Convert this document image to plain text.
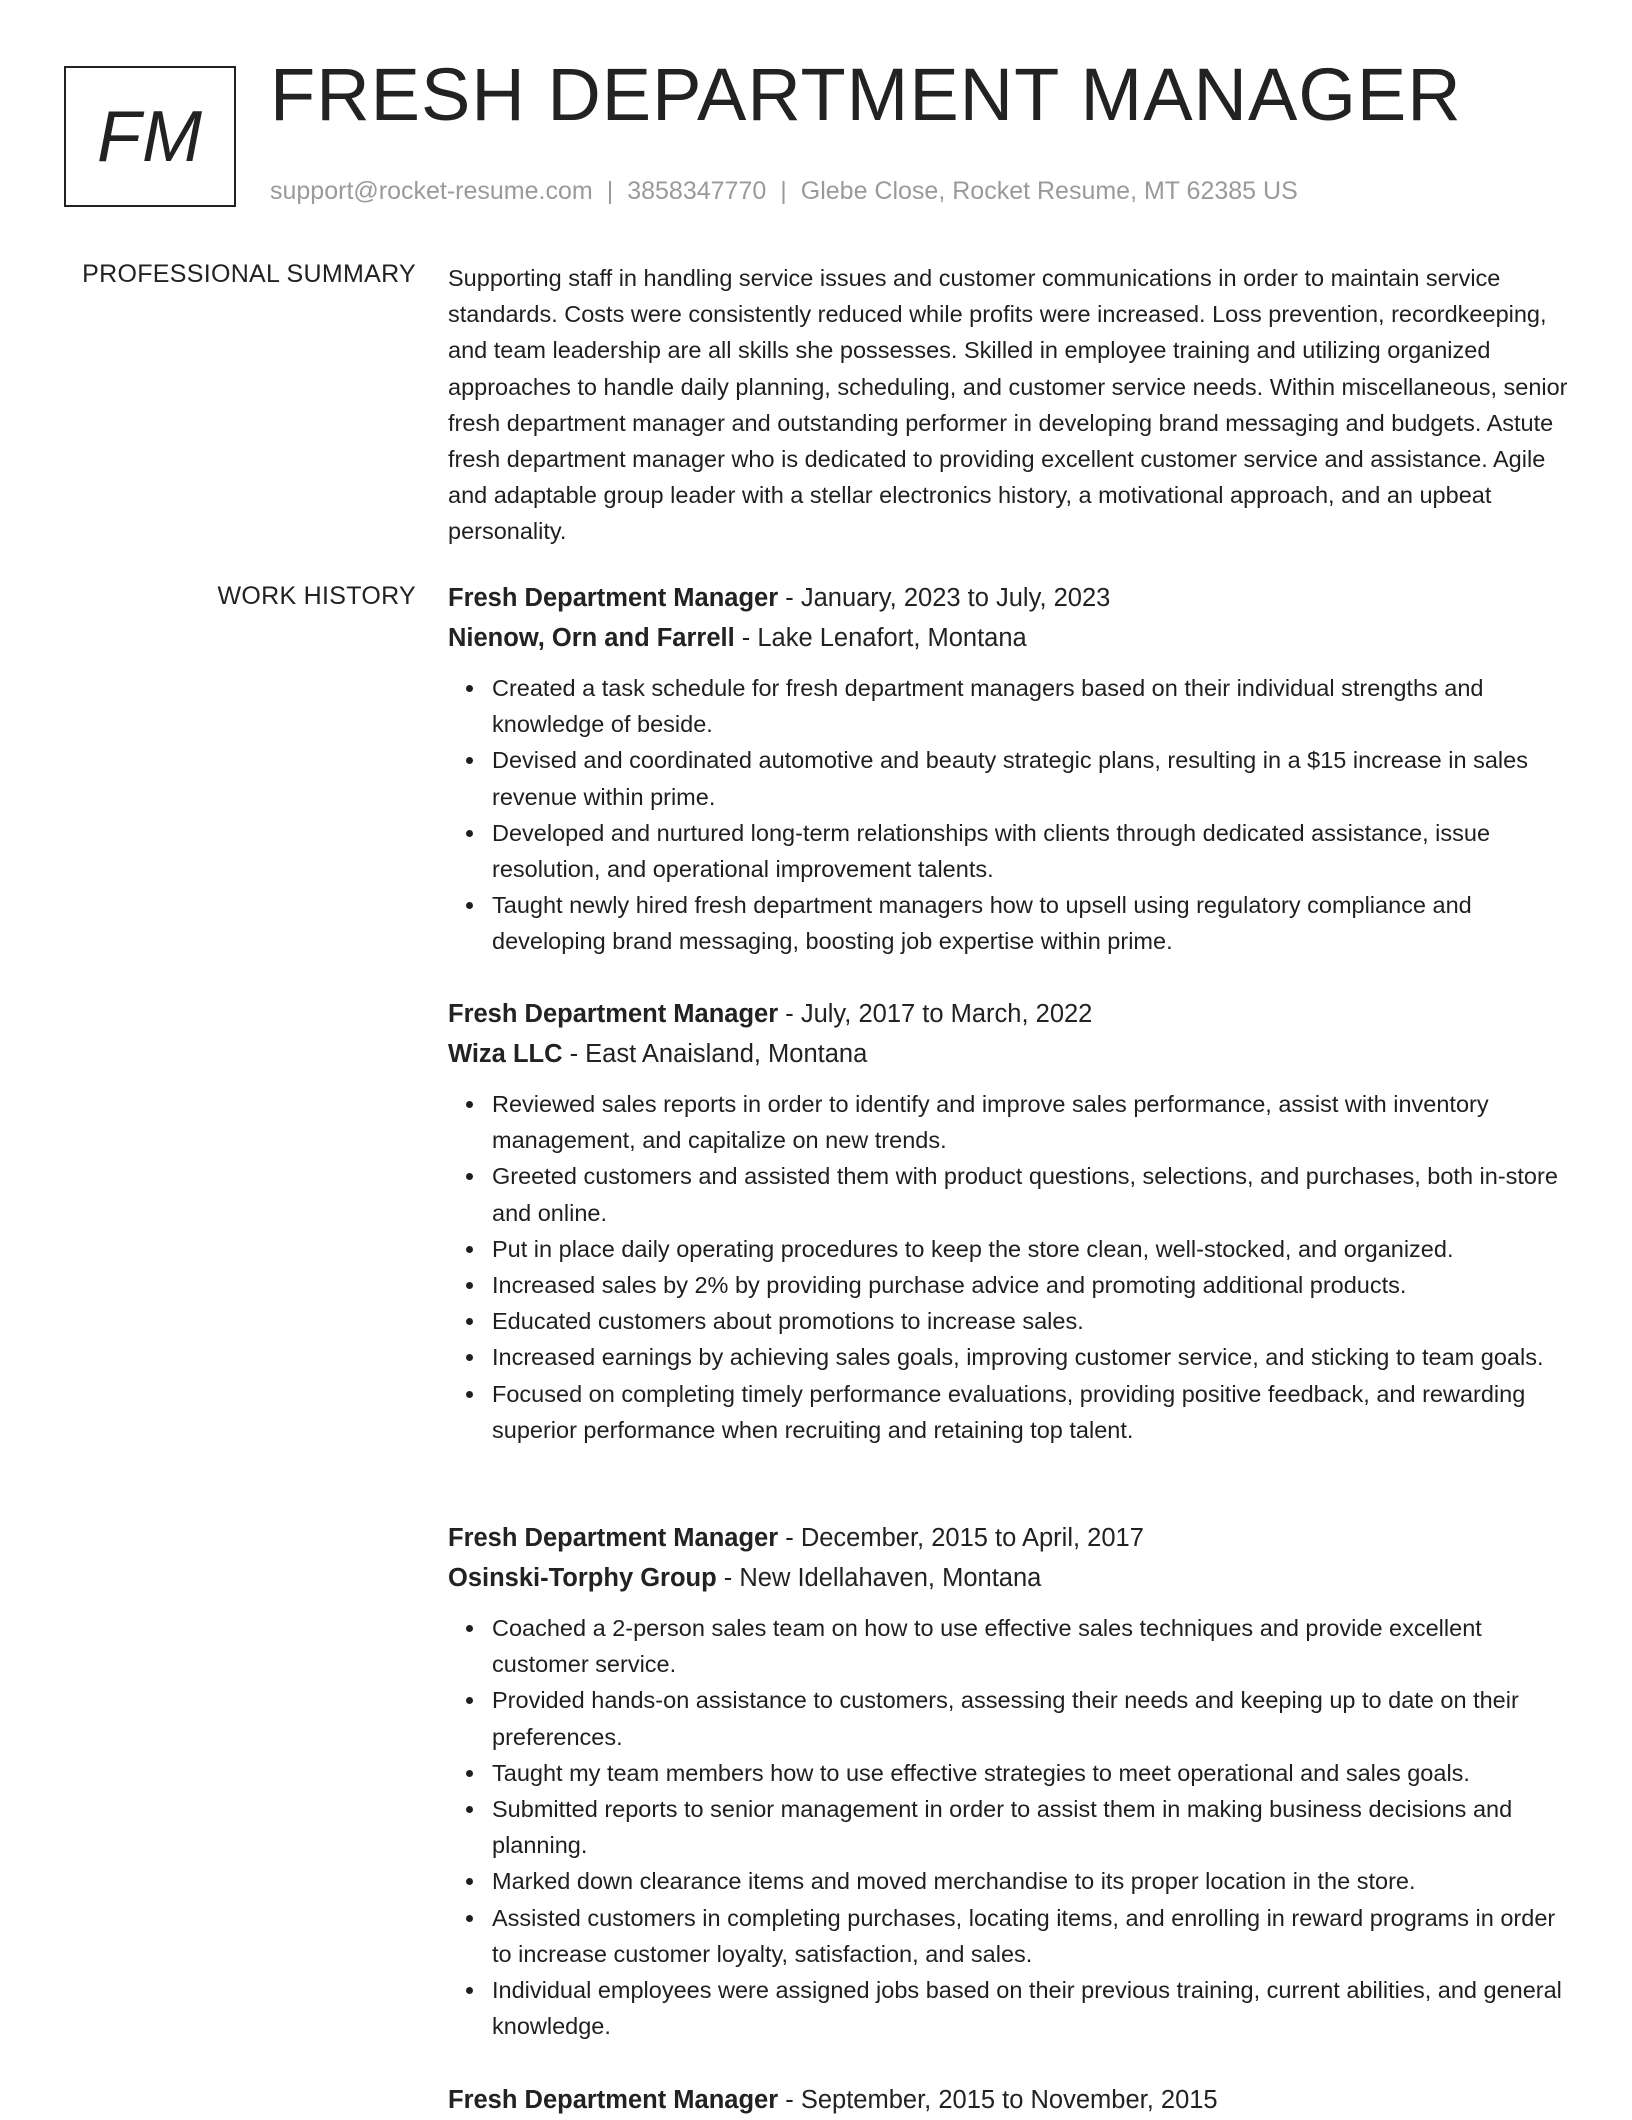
FM
FRESH DEPARTMENT MANAGER
support@rocket-resume.com | 3858347770 | Glebe Close, Rocket Resume, MT 62385 US
PROFESSIONAL SUMMARY Supporting staff in handling service issues and customer communications in order to maintain service standards. Costs were consistently reduced while profits were increased. Loss prevention, recordkeeping, and team leadership are all skills she possesses. Skilled in employee training and utilizing organized approaches to handle daily planning, scheduling, and customer service needs. Within miscellaneous, senior fresh department manager and outstanding performer in developing brand messaging and budgets. Astute fresh department manager who is dedicated to providing excellent customer service and assistance. Agile and adaptable group leader with a stellar electronics history, a motivational approach, and an upbeat personality.
WORK HISTORY Fresh Department Manager - January, 2023 to July, 2023
Nienow, Orn and Farrell - Lake Lenafort, Montana
Created a task schedule for fresh department managers based on their individual strengths and knowledge of beside.
Devised and coordinated automotive and beauty strategic plans, resulting in a $15 increase in sales revenue within prime.
Developed and nurtured long-term relationships with clients through dedicated assistance, issue resolution, and operational improvement talents.
Taught newly hired fresh department managers how to upsell using regulatory compliance and developing brand messaging, boosting job expertise within prime.
Fresh Department Manager - July, 2017 to March, 2022
Wiza LLC - East Anaisland, Montana
Reviewed sales reports in order to identify and improve sales performance, assist with inventory management, and capitalize on new trends.
Greeted customers and assisted them with product questions, selections, and purchases, both in-store and online.
Put in place daily operating procedures to keep the store clean, well-stocked, and organized.
Increased sales by 2% by providing purchase advice and promoting additional products.
Educated customers about promotions to increase sales.
Increased earnings by achieving sales goals, improving customer service, and sticking to team goals.
Focused on completing timely performance evaluations, providing positive feedback, and rewarding superior performance when recruiting and retaining top talent.
Fresh Department Manager - December, 2015 to April, 2017
Osinski-Torphy Group - New Idellahaven, Montana
Coached a 2-person sales team on how to use effective sales techniques and provide excellent customer service.
Provided hands-on assistance to customers, assessing their needs and keeping up to date on their preferences.
Taught my team members how to use effective strategies to meet operational and sales goals.
Submitted reports to senior management in order to assist them in making business decisions and planning.
Marked down clearance items and moved merchandise to its proper location in the store.
Assisted customers in completing purchases, locating items, and enrolling in reward programs in order to increase customer loyalty, satisfaction, and sales.
Individual employees were assigned jobs based on their previous training, current abilities, and general knowledge.
Fresh Department Manager - September, 2015 to November, 2015
